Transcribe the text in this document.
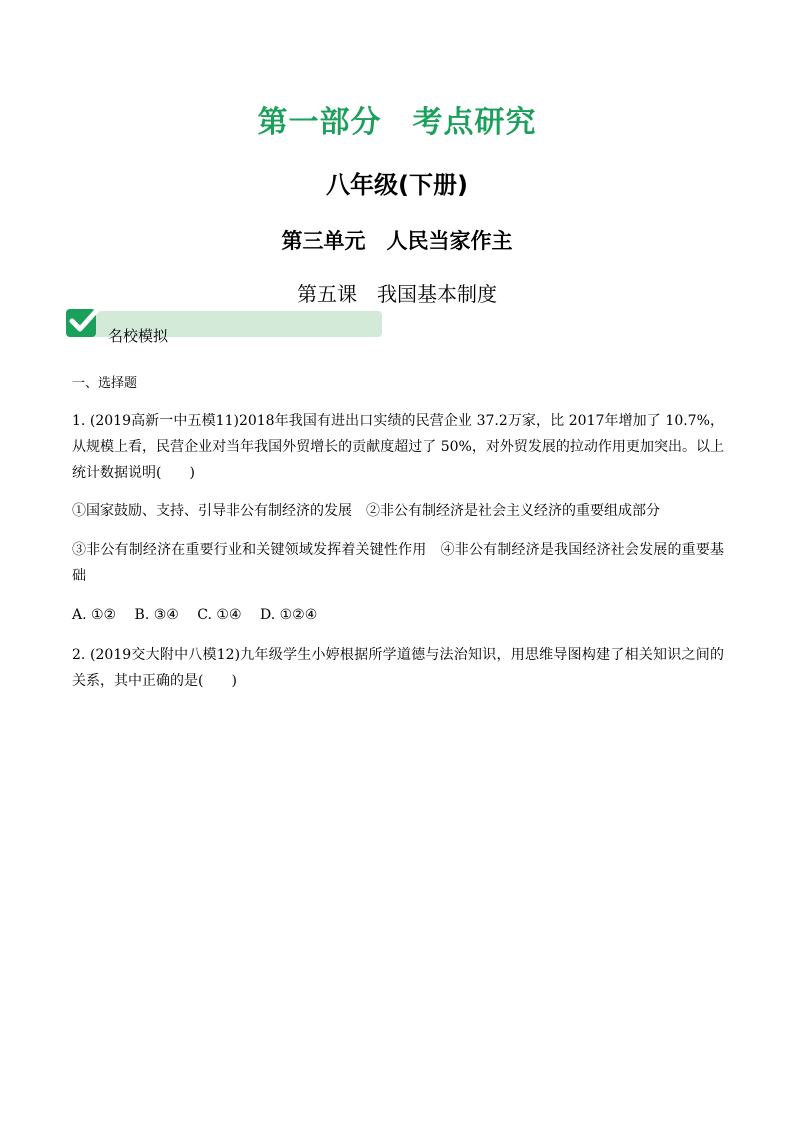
第一部分　考点研究
八年级(下册)
第三单元　人民当家作主
第五课　我国基本制度
名校模拟
一、选择题
1. (2019高新一中五模11)2018年我国有进出口实绩的民营企业 37.2万家，比 2017年增加了 10.7%，从规模上看，民营企业对当年我国外贸增长的贡献度超过了 50%，对外贸发展的拉动作用更加突出。以上统计数据说明(　　)
①国家鼓励、支持、引导非公有制经济的发展　②非公有制经济是社会主义经济的重要组成部分
③非公有制经济在重要行业和关键领域发挥着关键性作用　④非公有制经济是我国经济社会发展的重要基础
A. ①②　 B. ③④　 C. ①④　 D. ①②④
2. (2019交大附中八模12)九年级学生小婷根据所学道德与法治知识，用思维导图构建了相关知识之间的关系，其中正确的是(　　)
